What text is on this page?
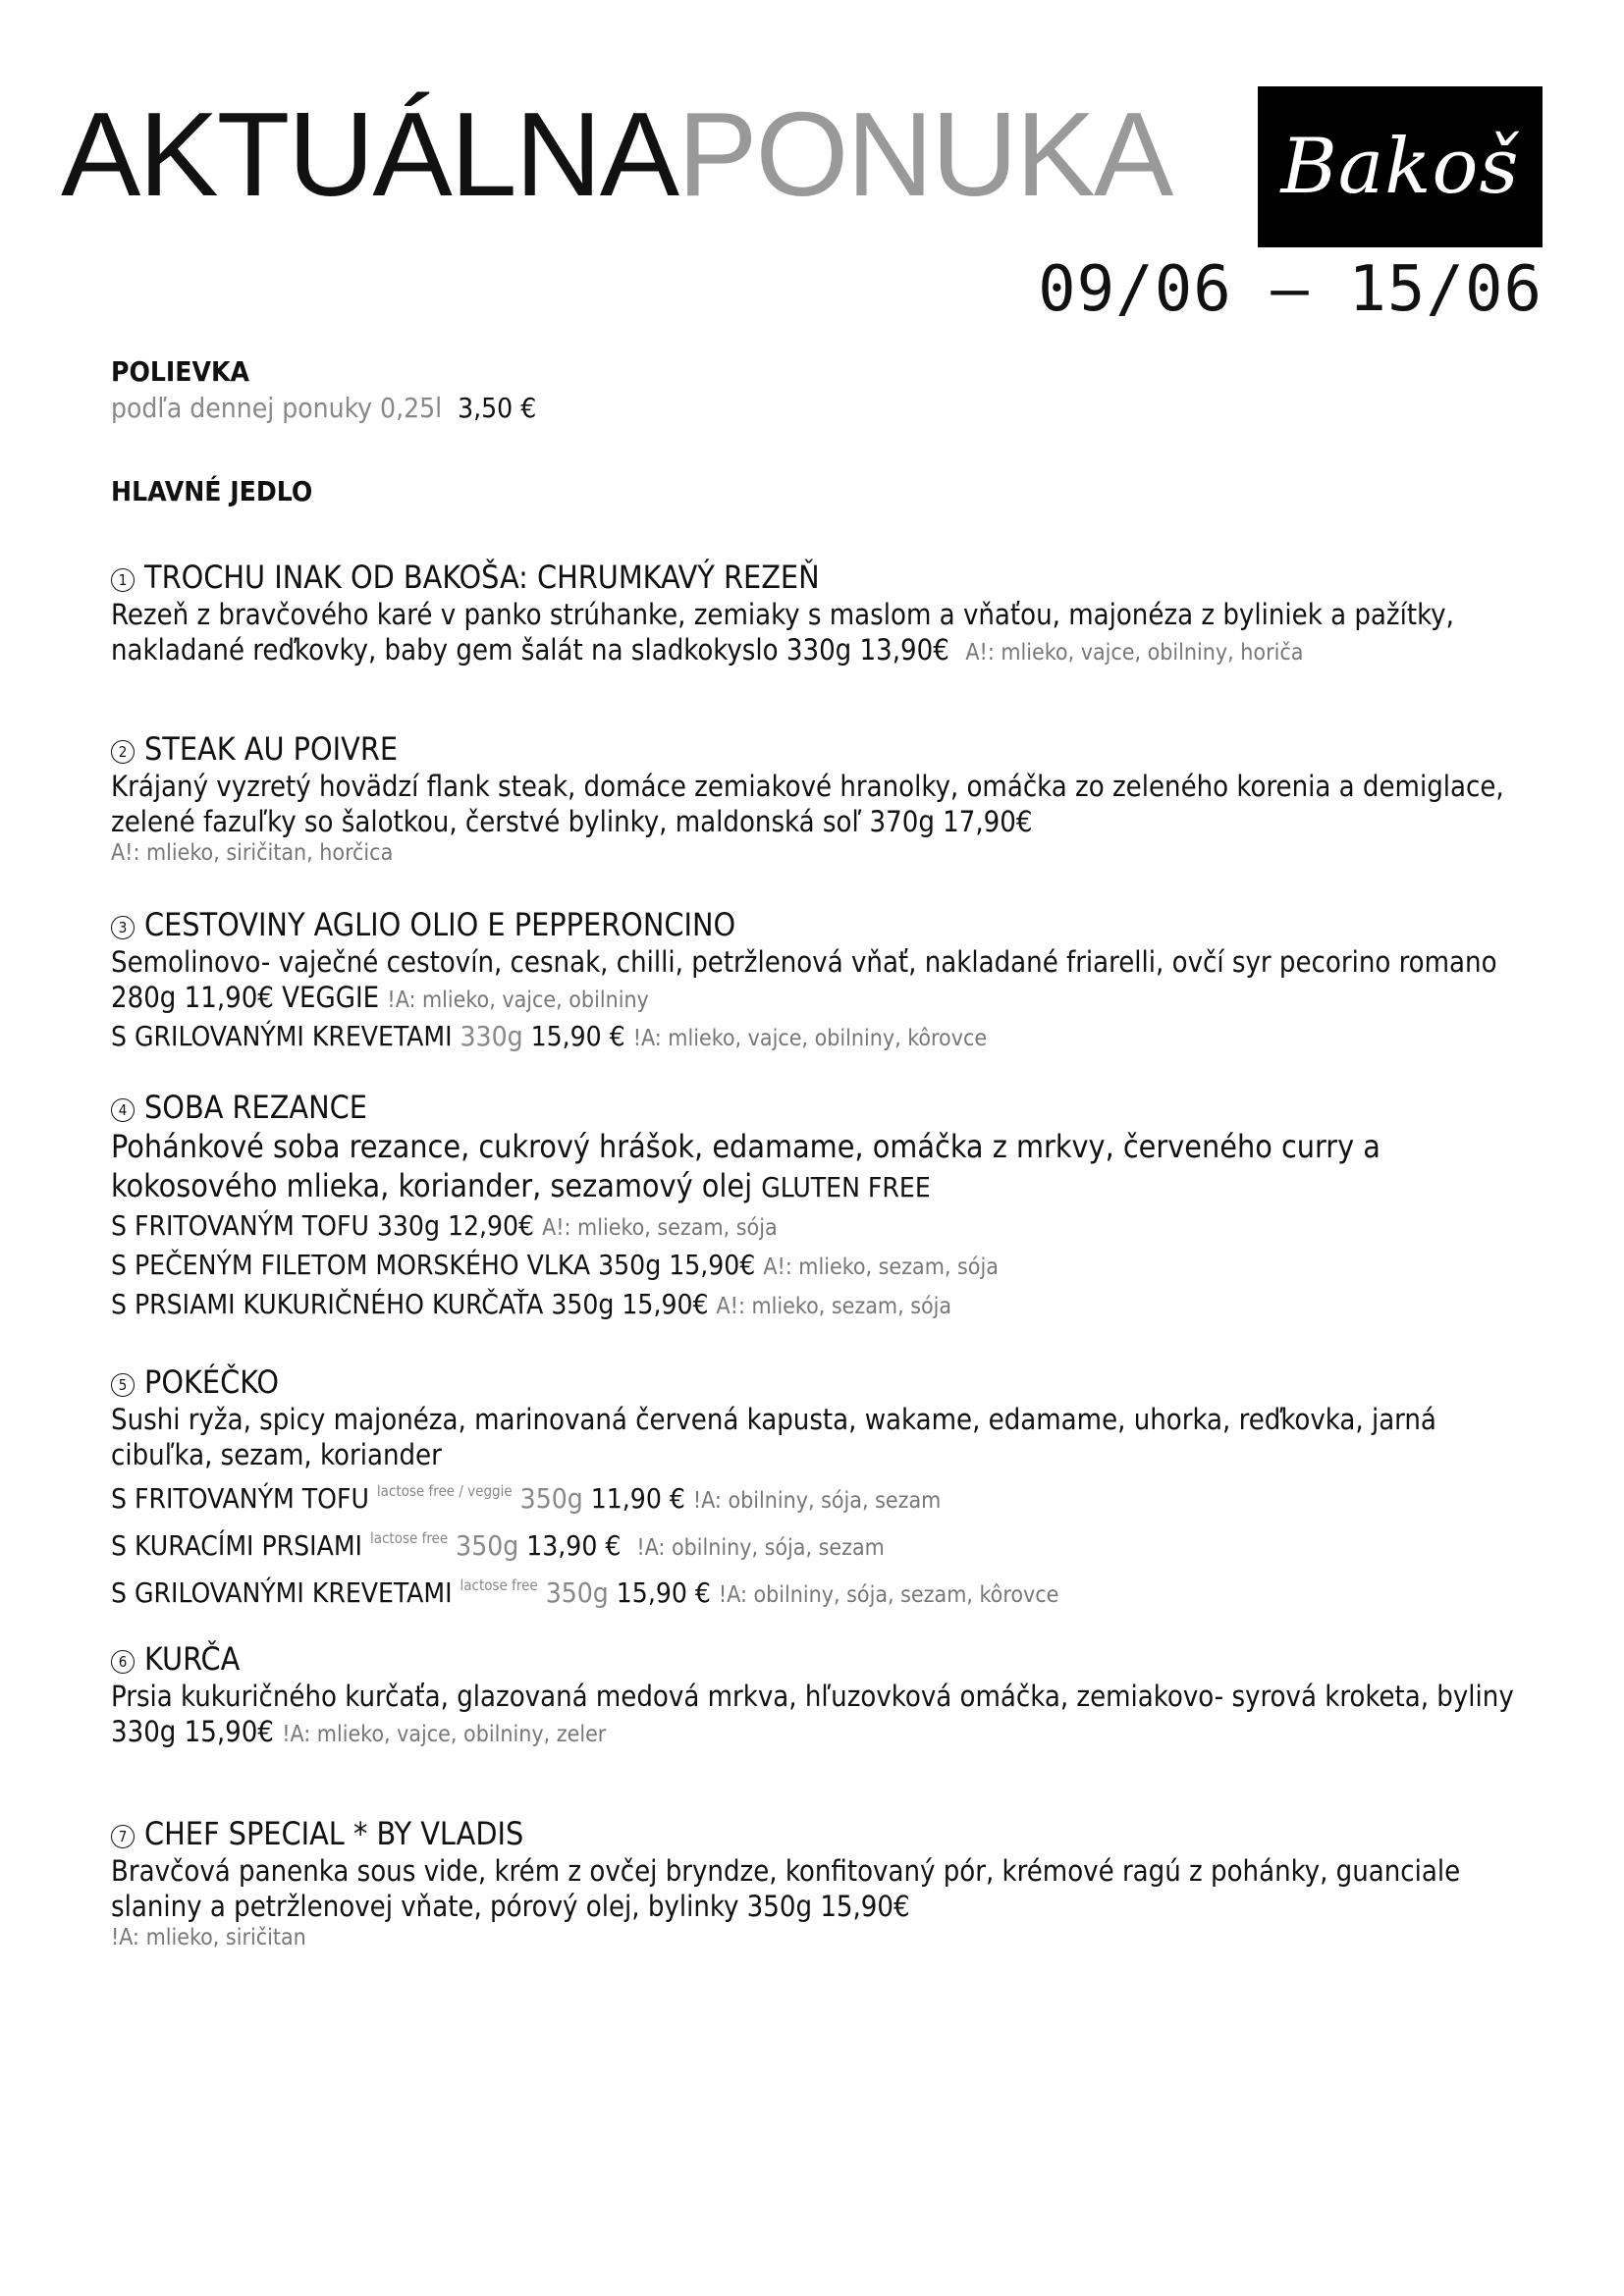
AKTUÁLNAPONUKA	Bakoš
09/06 – 15/06

POLIEVKA

podľa dennej ponuky 0,25l 3,50 €

HLAVNÉ JEDLO

1 TROCHU INAK OD BAKOŠA: CHRUMKAVÝ REZEŇ

Rezeň z bravčového karé v panko strúhanke, zemiaky s maslom a vňaťou, majonéza z byliniek a pažítky, nakladané reďkovky, baby gem šalát na sladkokyslo 330g 13,90€ A!: mlieko, vajce, obilniny, horiča

2 STEAK AU POIVRE

Krájaný vyzretý hovädzí flank steak, domáce zemiakové hranolky, omáčka zo zeleného korenia a demiglace, zelené fazuľky so šalotkou, čerstvé bylinky, maldonská soľ 370g 17,90€

A!: mlieko, siričitan, horčica

3 CESTOVINY AGLIO OLIO E PEPPERONCINO

Semolinovo- vaječné cestovín, cesnak, chilli, petržlenová vňať, nakladané friarelli, ovčí syr pecorino romano 280g 11,90€ VEGGIE !A: mlieko, vajce, obilniny

S GRILOVANÝMI KREVETAMI 330g 15,90 € !A: mlieko, vajce, obilniny, kôrovce

4 SOBA REZANCE

Pohánkové soba rezance, cukrový hrášok, edamame, omáčka z mrkvy, červeného curry a kokosového mlieka, koriander, sezamový olej GLUTEN FREE

S FRITOVANÝM TOFU 330g 12,90€ A!: mlieko, sezam, sója

S PEČENÝM FILETOM MORSKÉHO VLKA 350g 15,90€ A!: mlieko, sezam, sója

S PRSIAMI KUKURIČNÉHO KURČAŤA 350g 15,90€ A!: mlieko, sezam, sója

5 POKÉČKO

Sushi ryža, spicy majonéza, marinovaná červená kapusta, wakame, edamame, uhorka, reďkovka, jarná cibuľka, sezam, koriander

S FRITOVANÝM TOFU $^{lactose free / veggie}$ 350g 11,90 € !A: obilniny, sója, sezam

S KURACÍMI PRSIAMI $^{lactose free}$ 350g 13,90 € !A: obilniny, sója, sezam

S GRILOVANÝMI KREVETAMI $^{lactose free}$ 350g 15,90 € !A: obilniny, sója, sezam, kôrovce

6 KURČA

Prsia kukuričného kurčaťa, glazovaná medová mrkva, hľuzovková omáčka, zemiakovo- syrová kroketa, byliny 330g 15,90€ !A: mlieko, vajce, obilniny, zeler

7 CHEF SPECIAL * BY VLADIS

Bravčová panenka sous vide, krém z ovčej bryndze, konfitovaný pór, krémové ragú z pohánky, guanciale slaniny a petržlenovej vňate, pórový olej, bylinky 350g 15,90€

!A: mlieko, siričitan
